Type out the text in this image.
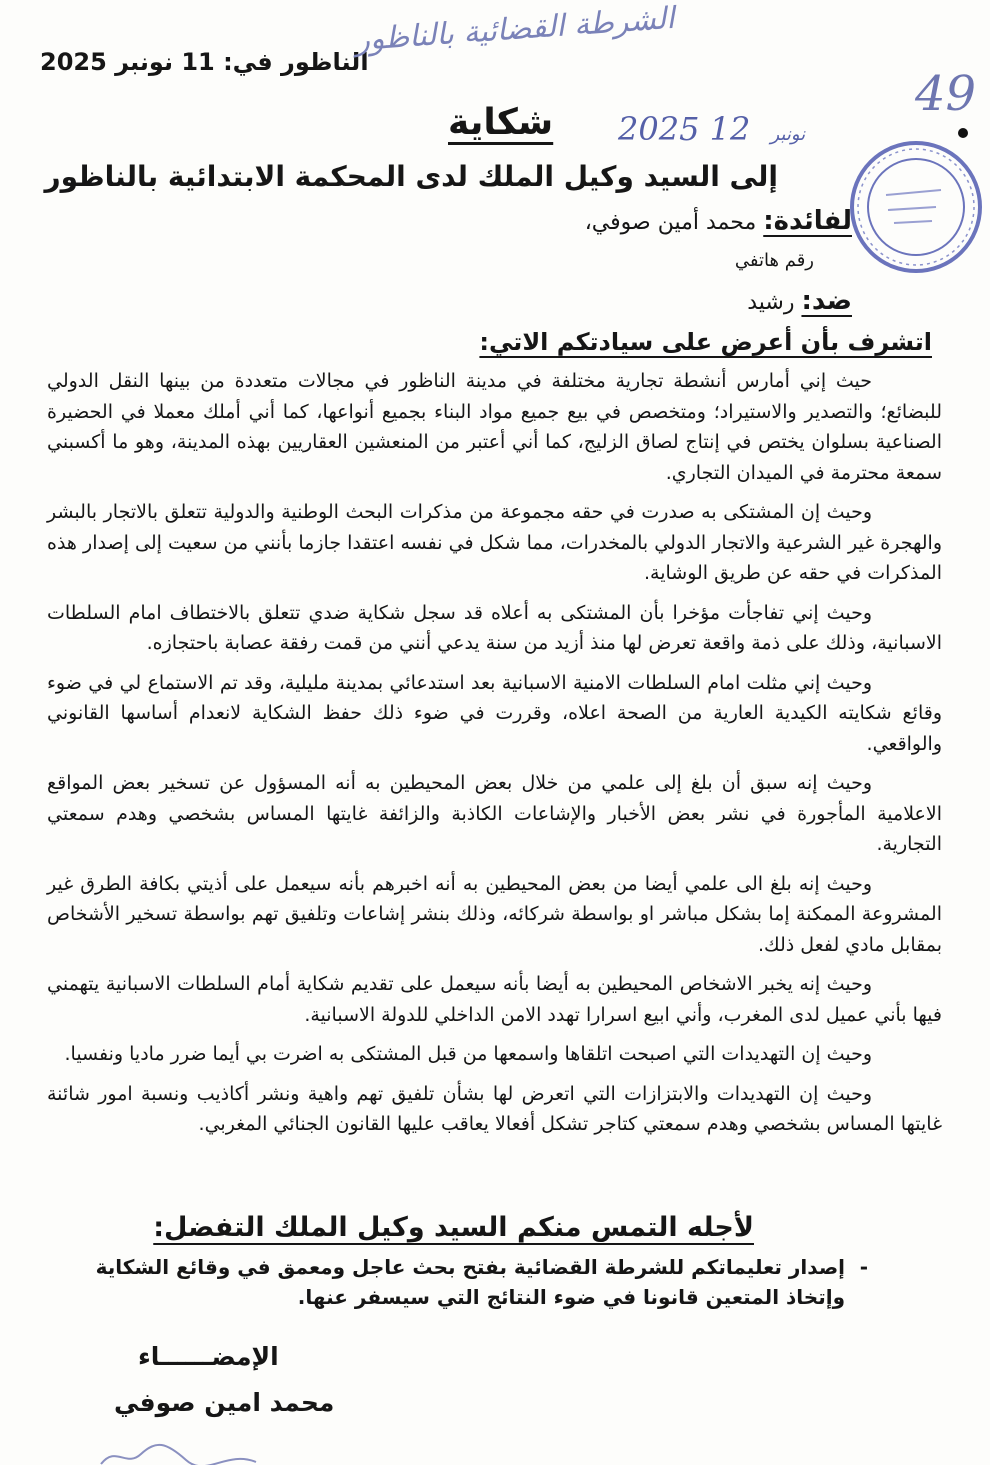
الناظور في: 11 نونبر 2025
الشرطة القضائية بالناظور
49
شكاية 2025	نونبر 12
إلى السيد وكيل الملك لدى المحكمة الابتدائية بالناظور
لفائدة: محمد أمين صوفي،
رقم هاتفي
ضد: رشيد
اتشرف بأن أعرض على سيادتكم الاتي:

حيث إني أمارس أنشطة تجارية مختلفة في مدينة الناظور في مجالات متعددة من بينها النقل الدولي للبضائع؛ والتصدير والاستيراد؛ ومتخصص في بيع جميع مواد البناء بجميع أنواعها، كما أني أملك معملا في الحضيرة الصناعية بسلوان يختص في إنتاج لصاق الزليج، كما أني أعتبر من المنعشين العقاريين بهذه المدينة، وهو ما أكسبني سمعة محترمة في الميدان التجاري.

وحيث إن المشتكى به صدرت في حقه مجموعة من مذكرات البحث الوطنية والدولية تتعلق بالاتجار بالبشر والهجرة غير الشرعية والاتجار الدولي بالمخدرات، مما شكل في نفسه اعتقدا جازما بأنني من سعيت إلى إصدار هذه المذكرات في حقه عن طريق الوشاية.

وحيث إني تفاجأت مؤخرا بأن المشتكى به أعلاه قد سجل شكاية ضدي تتعلق بالاختطاف امام السلطات الاسبانية، وذلك على ذمة واقعة تعرض لها منذ أزيد من سنة يدعي أنني من قمت رفقة عصابة باحتجازه.

وحيث إني مثلت امام السلطات الامنية الاسبانية بعد استدعائي بمدينة مليلية، وقد تم الاستماع لي في ضوء وقائع شكايته الكيدية العارية من الصحة اعلاه، وقررت في ضوء ذلك حفظ الشكاية لانعدام أساسها القانوني والواقعي.

وحيث إنه سبق أن بلغ إلى علمي من خلال بعض المحيطين به أنه المسؤول عن تسخير بعض المواقع الاعلامية المأجورة في نشر بعض الأخبار والإشاعات الكاذبة والزائفة غايتها المساس بشخصي وهدم سمعتي التجارية.

وحيث إنه بلغ الى علمي أيضا من بعض المحيطين به أنه اخبرهم بأنه سيعمل على أذيتي بكافة الطرق غير المشروعة الممكنة إما بشكل مباشر او بواسطة شركائه، وذلك بنشر إشاعات وتلفيق تهم بواسطة تسخير الأشخاص بمقابل مادي لفعل ذلك.

وحيث إنه يخبر الاشخاص المحيطين به أيضا بأنه سيعمل على تقديم شكاية أمام السلطات الاسبانية يتهمني فيها بأني عميل لدى المغرب، وأني ابيع اسرارا تهدد الامن الداخلي للدولة الاسبانية.

وحيث إن التهديدات التي اصبحت اتلقاها واسمعها من قبل المشتكى به اضرت بي أيما ضرر ماديا ونفسيا.

وحيث إن التهديدات والابتزازات التي اتعرض لها بشأن تلفيق تهم واهية ونشر أكاذيب ونسبة امور شائنة غايتها المساس بشخصي وهدم سمعتي كتاجر تشكل أفعالا يعاقب عليها القانون الجنائي المغربي.

لأجله التمس منكم السيد وكيل الملك التفضل:
- إصدار تعليماتكم للشرطة القضائية بفتح بحث عاجل ومعمق في وقائع الشكاية وإتخاذ المتعين قانونا في ضوء النتائج التي سيسفر عنها.
الإمضــــــاء
محمد امين صوفي
